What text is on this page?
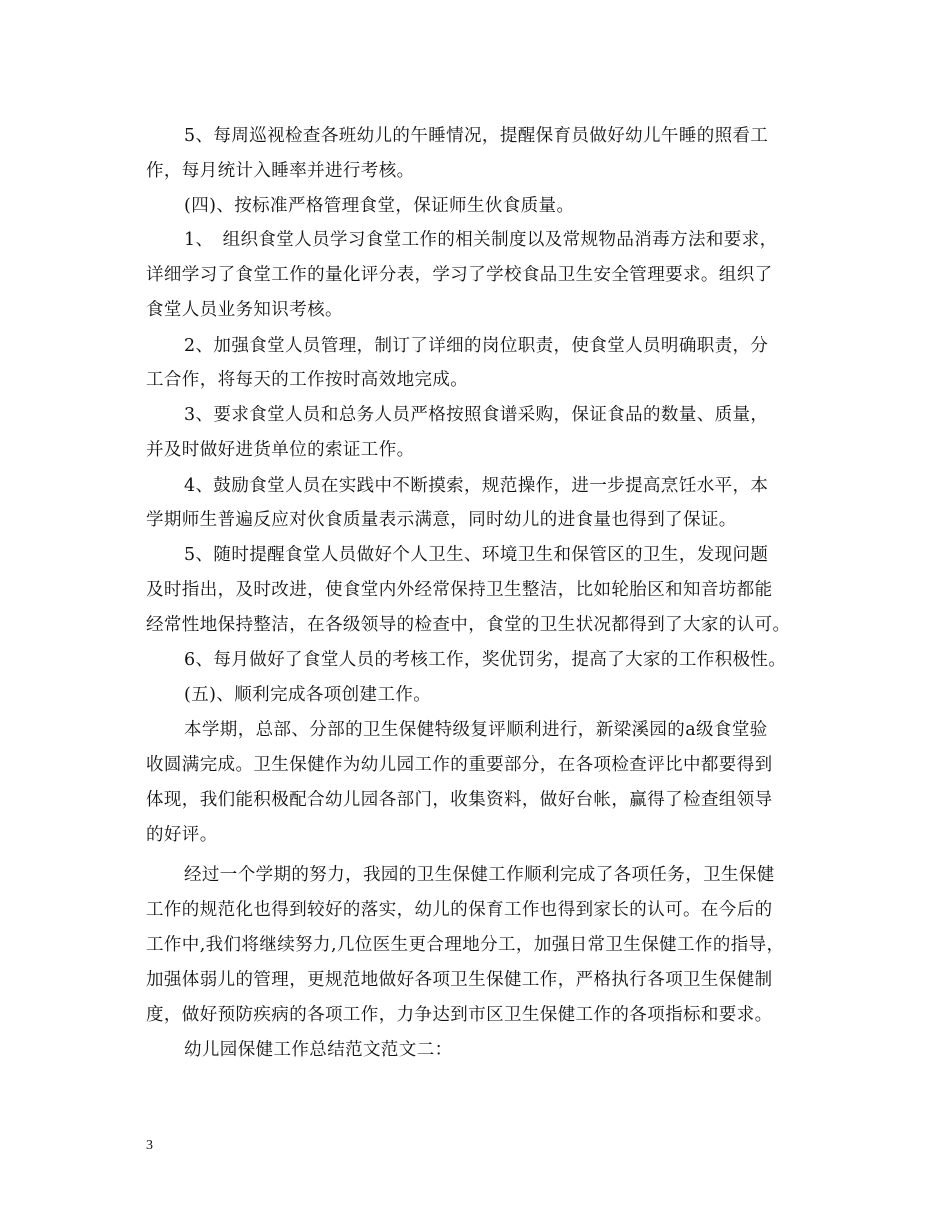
5、每周巡视检查各班幼儿的午睡情况，提醒保育员做好幼儿午睡的照看工
作，每月统计入睡率并进行考核。
(四)、按标准严格管理食堂，保证师生伙食质量。
1、　组织食堂人员学习食堂工作的相关制度以及常规物品消毒方法和要求，
详细学习了食堂工作的量化评分表，学习了学校食品卫生安全管理要求。组织了
食堂人员业务知识考核。
2、加强食堂人员管理，制订了详细的岗位职责，使食堂人员明确职责，分
工合作，将每天的工作按时高效地完成。
3、要求食堂人员和总务人员严格按照食谱采购，保证食品的数量、质量，
并及时做好进货单位的索证工作。
4、鼓励食堂人员在实践中不断摸索，规范操作，进一步提高烹饪水平，本
学期师生普遍反应对伙食质量表示满意，同时幼儿的进食量也得到了保证。
5、随时提醒食堂人员做好个人卫生、环境卫生和保管区的卫生，发现问题
及时指出，及时改进，使食堂内外经常保持卫生整洁，比如轮胎区和知音坊都能
经常性地保持整洁，在各级领导的检查中，食堂的卫生状况都得到了大家的认可。
6、每月做好了食堂人员的考核工作，奖优罚劣，提高了大家的工作积极性。
(五)、顺利完成各项创建工作。
本学期，总部、分部的卫生保健特级复评顺利进行，新梁溪园的a级食堂验
收圆满完成。卫生保健作为幼儿园工作的重要部分，在各项检查评比中都要得到
体现，我们能积极配合幼儿园各部门，收集资料，做好台帐，赢得了检查组领导
的好评。
经过一个学期的努力，我园的卫生保健工作顺利完成了各项任务，卫生保健
工作的规范化也得到较好的落实，幼儿的保育工作也得到家长的认可。在今后的
工作中,我们将继续努力,几位医生更合理地分工，加强日常卫生保健工作的指导，
加强体弱儿的管理，更规范地做好各项卫生保健工作，严格执行各项卫生保健制
度，做好预防疾病的各项工作，力争达到市区卫生保健工作的各项指标和要求。
幼儿园保健工作总结范文范文二：
3
